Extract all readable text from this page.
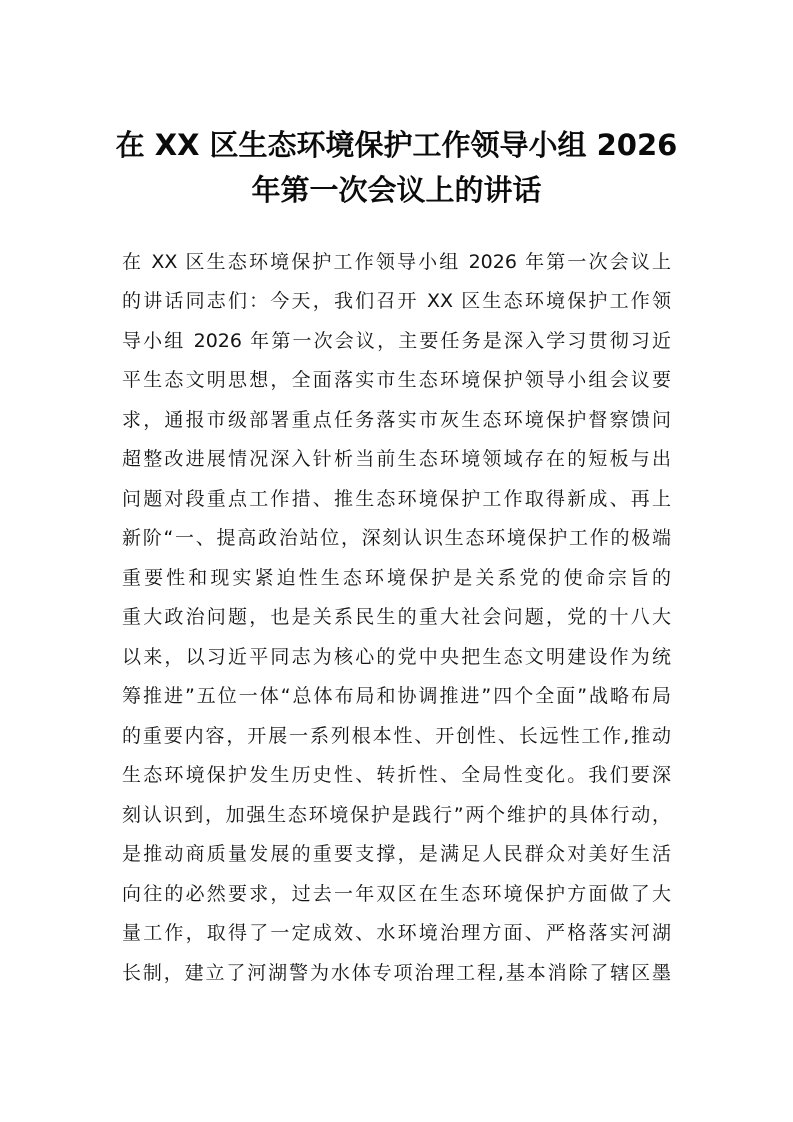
在 XX 区生态环境保护工作领导小组 2026
年第一次会议上的讲话
在 XX 区生态环境保护工作领导小组 2026 年第一次会议上
的讲话同志们：今天，我们召开 XX 区生态环境保护工作领
导小组 2026 年第一次会议，主要任务是深入学习贯彻习近
平生态文明思想，全面落实市生态环境保护领导小组会议要
求，通报市级部署重点任务落实市灰生态环境保护督察馈问
超整改进展情况深入针析当前生态环境领域存在的短板与出
问题对段重点工作措、推生态环境保护工作取得新成、再上
新阶“一、提高政治站位，深刻认识生态环境保护工作的极端
重要性和现实紧迫性生态环境保护是关系党的使命宗旨的
重大政治问题，也是关系民生的重大社会问题，党的十八大
以来，以习近平同志为核心的党中央把生态文明建设作为统
筹推进”五位一体“总体布局和协调推进”四个全面”战略布局
的重要内容，开展一系列根本性、开创性、长远性工作,推动
生态环境保护发生历史性、转折性、全局性变化。我们要深
刻认识到，加强生态环境保护是践行”两个维护的具体行动，
是推动商质量发展的重要支撑，是满足人民群众对美好生活
向往的必然要求，过去一年双区在生态环境保护方面做了大
量工作，取得了一定成效、水环境治理方面、严格落实河湖
长制，建立了河湖警为水体专项治理工程,基本消除了辖区墨
